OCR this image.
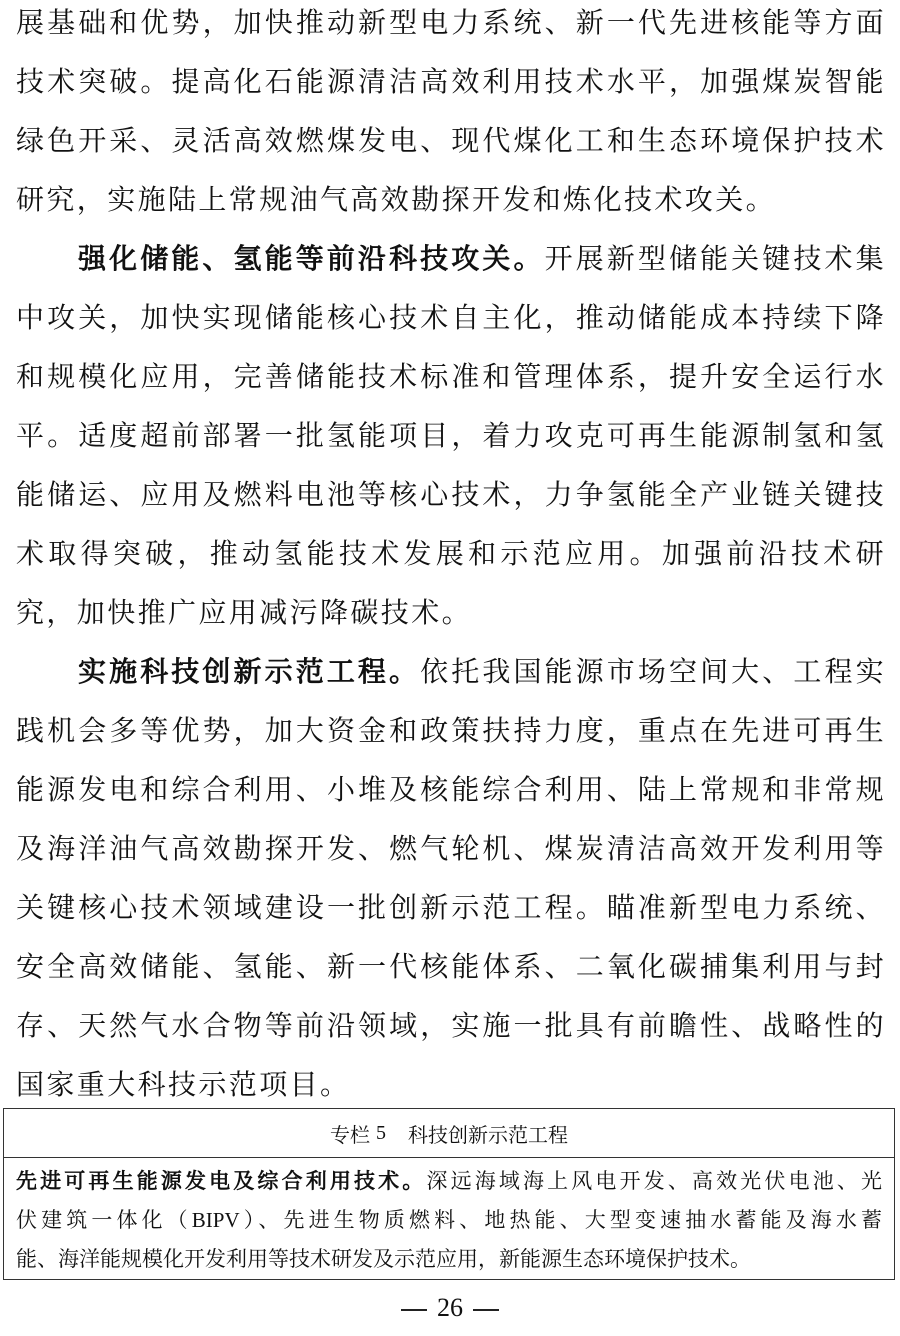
展基础和优势，加快推动新型电力系统、新一代先进核能等方面
技术突破。提高化石能源清洁高效利用技术水平，加强煤炭智能
绿色开采、灵活高效燃煤发电、现代煤化工和生态环境保护技术
研究，实施陆上常规油气高效勘探开发和炼化技术攻关。
强化储能、氢能等前沿科技攻关。开展新型储能关键技术集
中攻关，加快实现储能核心技术自主化，推动储能成本持续下降
和规模化应用，完善储能技术标准和管理体系，提升安全运行水
平。适度超前部署一批氢能项目，着力攻克可再生能源制氢和氢
能储运、应用及燃料电池等核心技术，力争氢能全产业链关键技
术取得突破，推动氢能技术发展和示范应用。加强前沿技术研
究，加快推广应用减污降碳技术。
实施科技创新示范工程。依托我国能源市场空间大、工程实
践机会多等优势，加大资金和政策扶持力度，重点在先进可再生
能源发电和综合利用、小堆及核能综合利用、陆上常规和非常规
及海洋油气高效勘探开发、燃气轮机、煤炭清洁高效开发利用等
关键核心技术领域建设一批创新示范工程。瞄准新型电力系统、
安全高效储能、氢能、新一代核能体系、二氧化碳捕集利用与封
存、天然气水合物等前沿领域，实施一批具有前瞻性、战略性的
国家重大科技示范项目。
专栏 5 科技创新示范工程
先进可再生能源发电及综合利用技术。深远海域海上风电开发、高效光伏电池、光
伏建筑一体化（BIPV）、先进生物质燃料、地热能、大型变速抽水蓄能及海水蓄
能、海洋能规模化开发利用等技术研发及示范应用，新能源生态环境保护技术。
26
